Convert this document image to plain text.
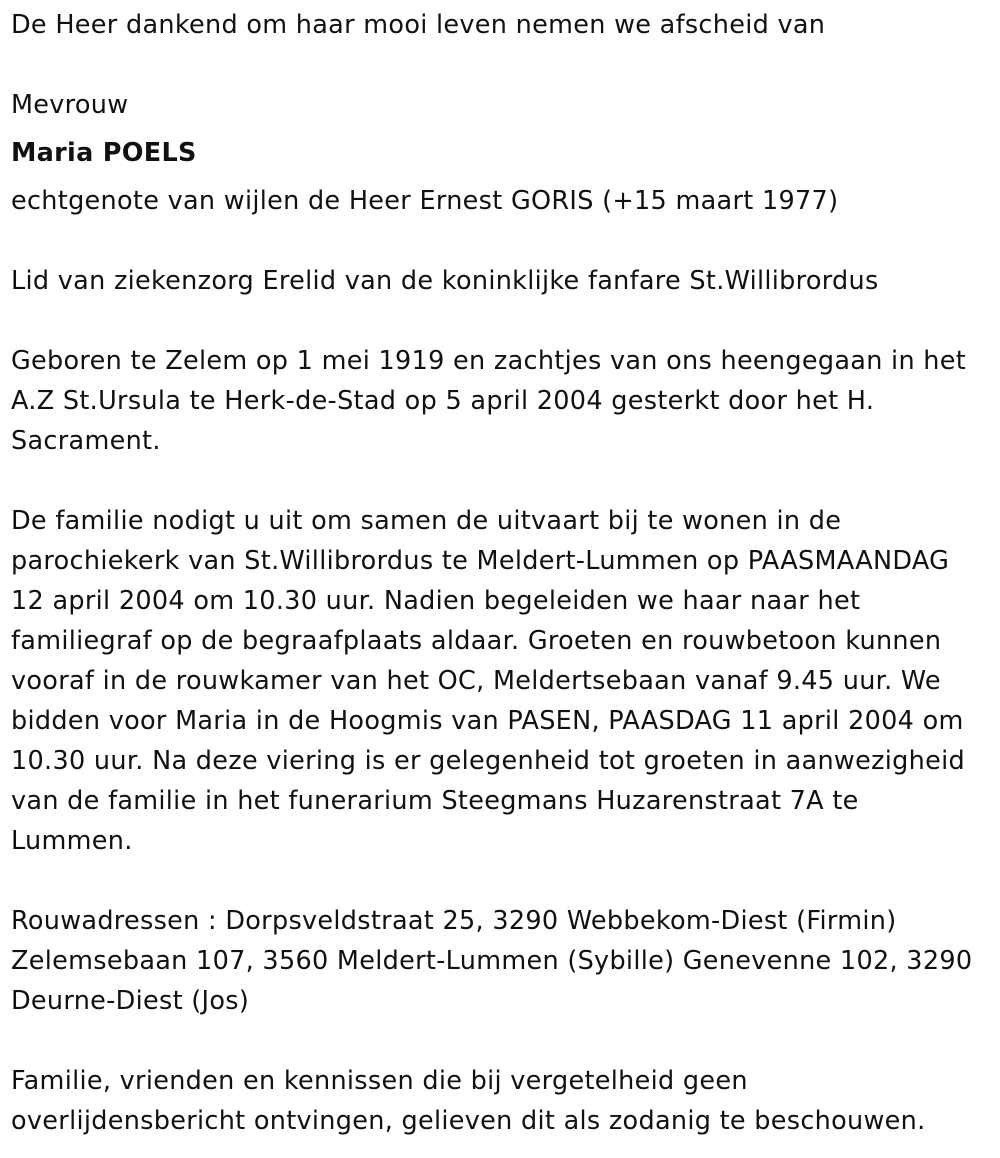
De Heer dankend om haar mooi leven nemen we afscheid van
Mevrouw
Maria POELS
echtgenote van wijlen de Heer Ernest GORIS (+15 maart 1977)
Lid van ziekenzorg Erelid van de koninklijke fanfare St.Willibrordus
Geboren te Zelem op 1 mei 1919 en zachtjes van ons heengegaan in het
A.Z St.Ursula te Herk-de-Stad op 5 april 2004 gesterkt door het H.
Sacrament.
De familie nodigt u uit om samen de uitvaart bij te wonen in de
parochiekerk van St.Willibrordus te Meldert-Lummen op PAASMAANDAG
12 april 2004 om 10.30 uur. Nadien begeleiden we haar naar het
familiegraf op de begraafplaats aldaar. Groeten en rouwbetoon kunnen
vooraf in de rouwkamer van het OC, Meldertsebaan vanaf 9.45 uur. We
bidden voor Maria in de Hoogmis van PASEN, PAASDAG 11 april 2004 om
10.30 uur. Na deze viering is er gelegenheid tot groeten in aanwezigheid
van de familie in het funerarium Steegmans Huzarenstraat 7A te
Lummen.
Rouwadressen : Dorpsveldstraat 25, 3290 Webbekom-Diest (Firmin)
Zelemsebaan 107, 3560 Meldert-Lummen (Sybille) Genevenne 102, 3290
Deurne-Diest (Jos)
Familie, vrienden en kennissen die bij vergetelheid geen
overlijdensbericht ontvingen, gelieven dit als zodanig te beschouwen.
